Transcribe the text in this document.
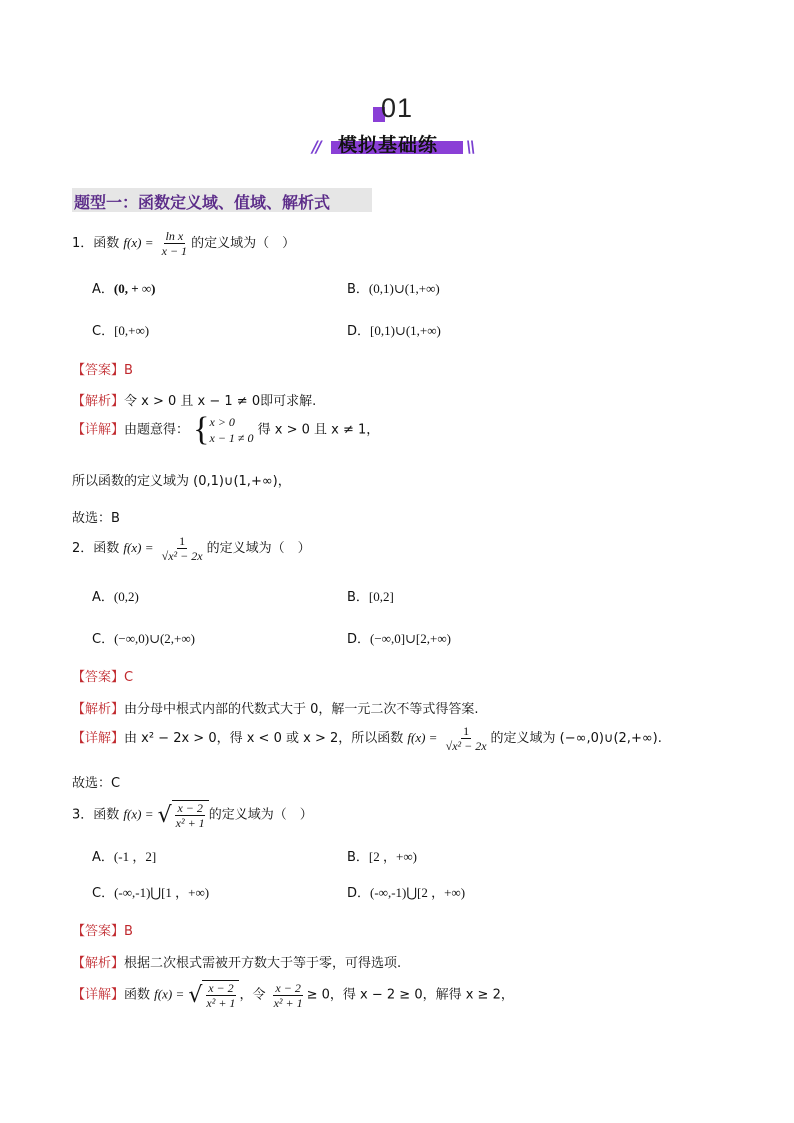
01
// 模拟基础练 \\
题型一：函数定义域、值域、解析式
1．函数 $f(x) = \frac{\text{ln x}}{x - 1}$ 的定义域为（　）
A．(0, + ∞)	B．(0,1)∪(1,+∞)
C．[0,+∞)	D．[0,1)∪(1,+∞)
【答案】B
【解析】令 x > 0 且 x − 1 ≠ 0即可求解.
【详解】由题意得： { x > 0
x − 1 ≠ 0
得 x > 0 且 x ≠ 1，
所以函数的定义域为 (0,1)∪(1,+∞)，
故选：B
2．函数 $f(x) = \frac{1}{\text{√x² − 2x}}$ 的定义域为（　）
A．(0,2)	B．[0,2]
C．(−∞,0)∪(2,+∞)	D．(−∞,0]∪[2,+∞)
【答案】C
【解析】由分母中根式内部的代数式大于 0，解一元二次不等式得答案.
【详解】由 x² − 2x > 0，得 x < 0 或 x > 2，所以函数 $f(x) = \frac{1}{\text{√x² − 2x}}$ 的定义域为 (−∞,0)∪(2,+∞).
故选：C
3．函数 f(x) = √ $\frac{x - 2}{\text{x² + 1}}$ 的定义域为（　）
A．(-1 ，2]	B．[2 ，+∞)
C．(-∞,-1)⋃[1 ，+∞)	D．(-∞,-1)⋃[2 ，+∞)
【答案】B
【解析】根据二次根式需被开方数大于等于零，可得选项.
【详解】函数 f(x) = √ $\frac{x - 2}{\text{x² + 1}}$ ，令 $\frac{x - 2}{\text{x² + 1}} \ge 0$，得 x − 2 ≥ 0，解得 x ≥ 2，
